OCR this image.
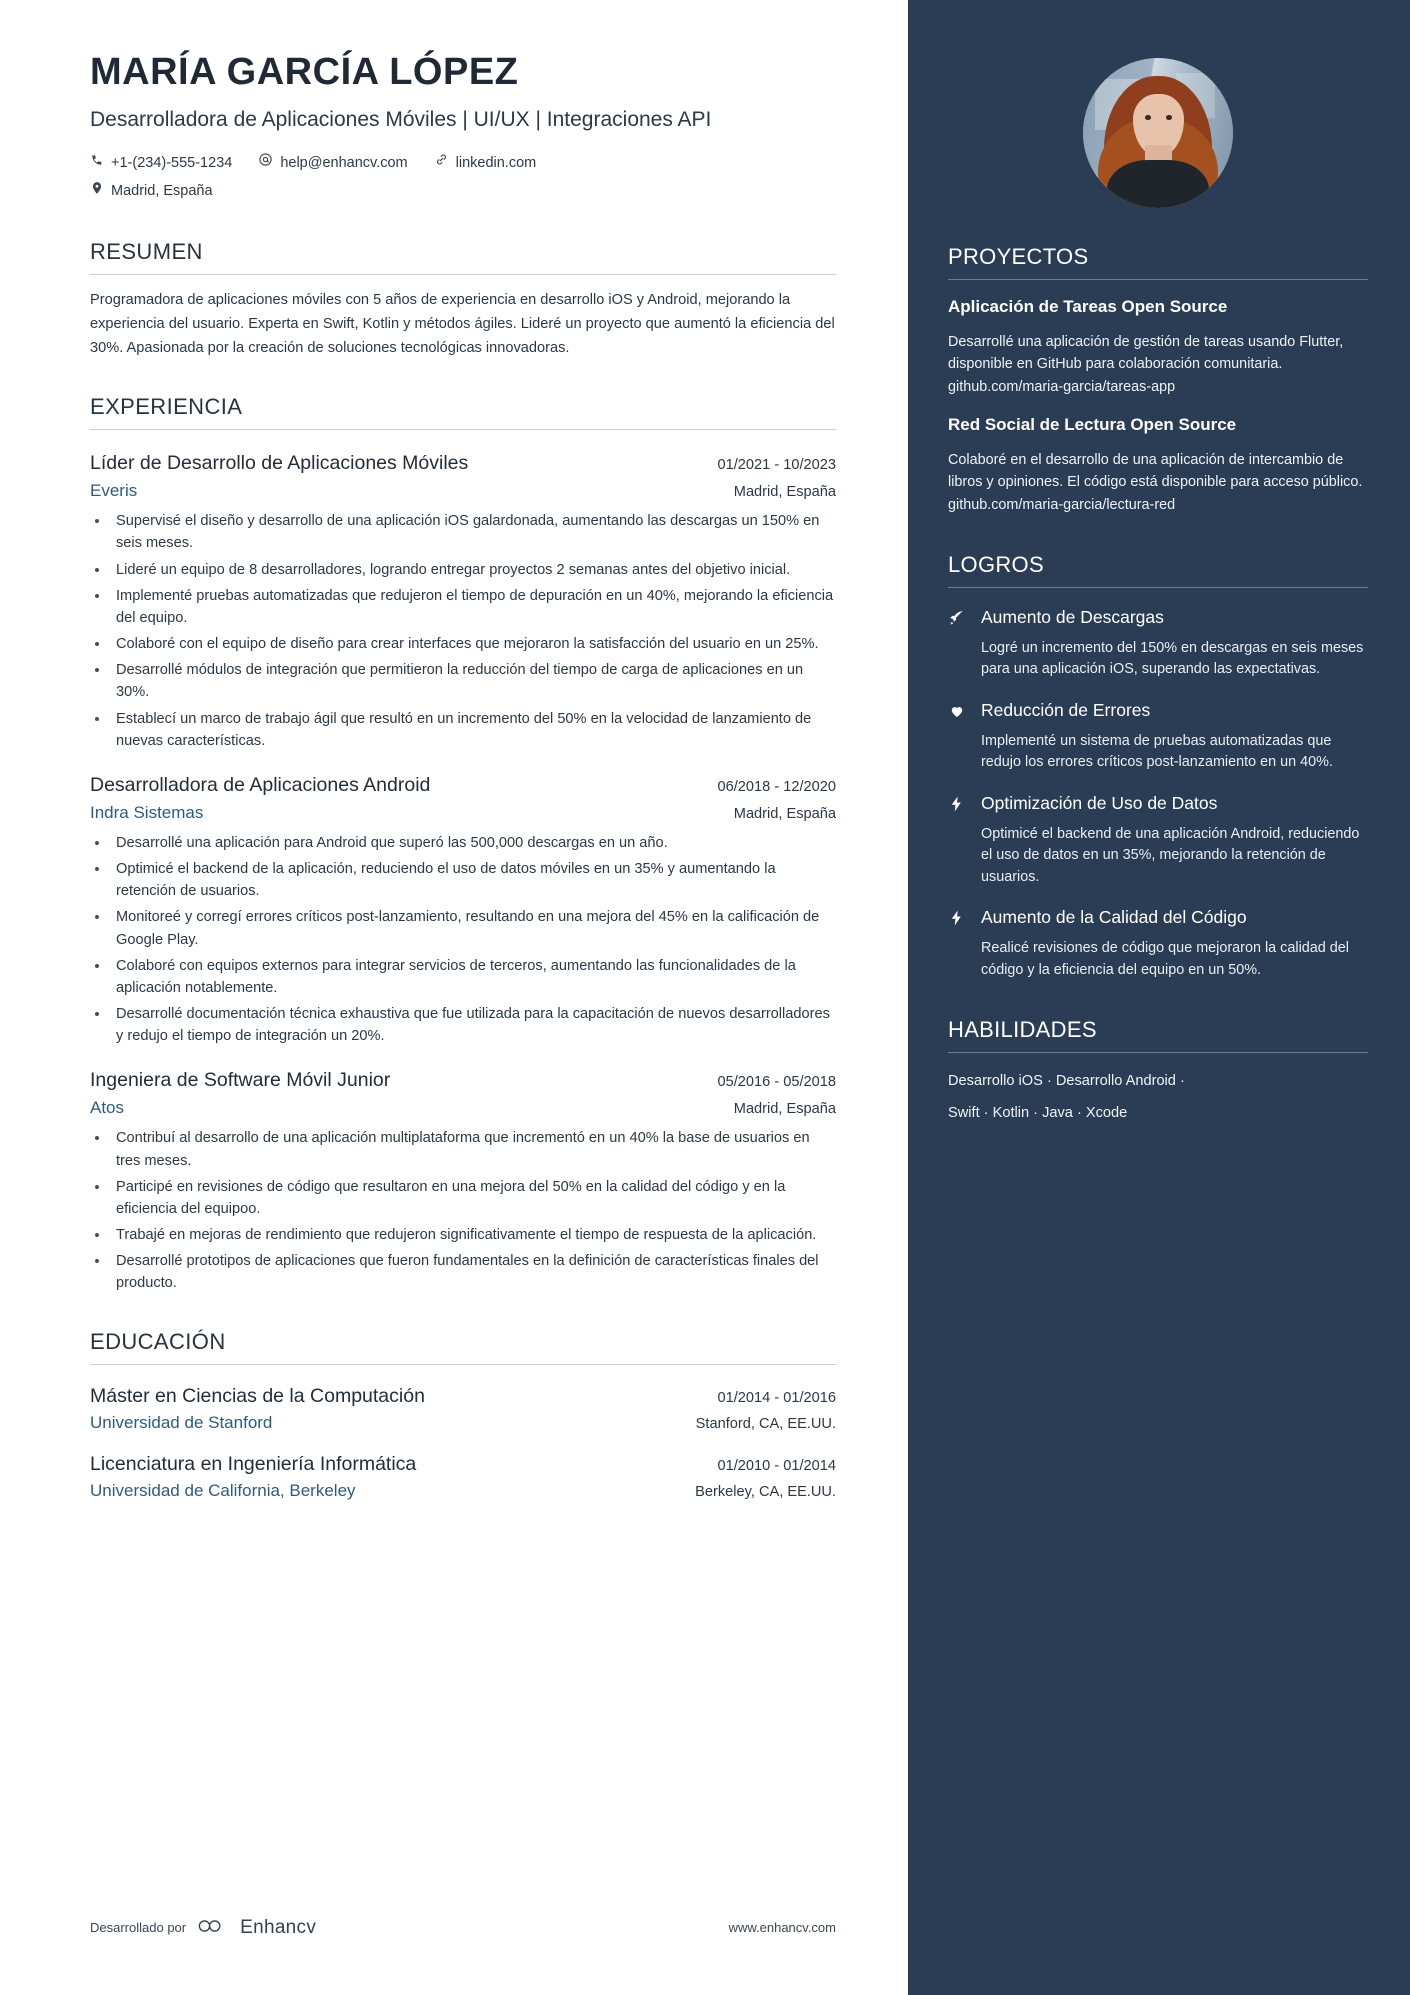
MARÍA GARCÍA LÓPEZ
Desarrolladora de Aplicaciones Móviles | UI/UX | Integraciones API
+1-(234)-555-1234	help@enhancv.com	linkedin.com
Madrid, España
RESUMEN
Programadora de aplicaciones móviles con 5 años de experiencia en desarrollo iOS y Android, mejorando la experiencia del usuario. Experta en Swift, Kotlin y métodos ágiles. Lideré un proyecto que aumentó la eficiencia del 30%. Apasionada por la creación de soluciones tecnológicas innovadoras.
EXPERIENCIA
Líder de Desarrollo de Aplicaciones Móviles	01/2021 - 10/2023
Everis	Madrid, España
• Supervisé el diseño y desarrollo de una aplicación iOS galardonada, aumentando las descargas un 150% en seis meses.
• Lideré un equipo de 8 desarrolladores, logrando entregar proyectos 2 semanas antes del objetivo inicial.
• Implementé pruebas automatizadas que redujeron el tiempo de depuración en un 40%, mejorando la eficiencia del equipo.
• Colaboré con el equipo de diseño para crear interfaces que mejoraron la satisfacción del usuario en un 25%.
• Desarrollé módulos de integración que permitieron la reducción del tiempo de carga de aplicaciones en un 30%.
• Establecí un marco de trabajo ágil que resultó en un incremento del 50% en la velocidad de lanzamiento de nuevas características.
Desarrolladora de Aplicaciones Android	06/2018 - 12/2020
Indra Sistemas	Madrid, España
• Desarrollé una aplicación para Android que superó las 500,000 descargas en un año.
• Optimicé el backend de la aplicación, reduciendo el uso de datos móviles en un 35% y aumentando la retención de usuarios.
• Monitoreé y corregí errores críticos post-lanzamiento, resultando en una mejora del 45% en la calificación de Google Play.
• Colaboré con equipos externos para integrar servicios de terceros, aumentando las funcionalidades de la aplicación notablemente.
• Desarrollé documentación técnica exhaustiva que fue utilizada para la capacitación de nuevos desarrolladores y redujo el tiempo de integración un 20%.
Ingeniera de Software Móvil Junior	05/2016 - 05/2018
Atos	Madrid, España
• Contribuí al desarrollo de una aplicación multiplataforma que incrementó en un 40% la base de usuarios en tres meses.
• Participé en revisiones de código que resultaron en una mejora del 50% en la calidad del código y en la eficiencia del equipoo.
• Trabajé en mejoras de rendimiento que redujeron significativamente el tiempo de respuesta de la aplicación.
• Desarrollé prototipos de aplicaciones que fueron fundamentales en la definición de características finales del producto.
EDUCACIÓN
Máster en Ciencias de la Computación	01/2014 - 01/2016
Universidad de Stanford	Stanford, CA, EE.UU.
Licenciatura en Ingeniería Informática	01/2010 - 01/2014
Universidad de California, Berkeley	Berkeley, CA, EE.UU.
Desarrollado por	Enhancv	www.enhancv.com
PROYECTOS
Aplicación de Tareas Open Source
Desarrollé una aplicación de gestión de tareas usando Flutter, disponible en GitHub para colaboración comunitaria. github.com/maria-garcia/tareas-app
Red Social de Lectura Open Source
Colaboré en el desarrollo de una aplicación de intercambio de libros y opiniones. El código está disponible para acceso público. github.com/maria-garcia/lectura-red
LOGROS
Aumento de Descargas
Logré un incremento del 150% en descargas en seis meses para una aplicación iOS, superando las expectativas.
Reducción de Errores
Implementé un sistema de pruebas automatizadas que redujo los errores críticos post-lanzamiento en un 40%.
Optimización de Uso de Datos
Optimicé el backend de una aplicación Android, reduciendo el uso de datos en un 35%, mejorando la retención de usuarios.
Aumento de la Calidad del Código
Realicé revisiones de código que mejoraron la calidad del código y la eficiencia del equipo en un 50%.
HABILIDADES
Desarrollo iOS · Desarrollo Android ·
Swift · Kotlin · Java · Xcode
